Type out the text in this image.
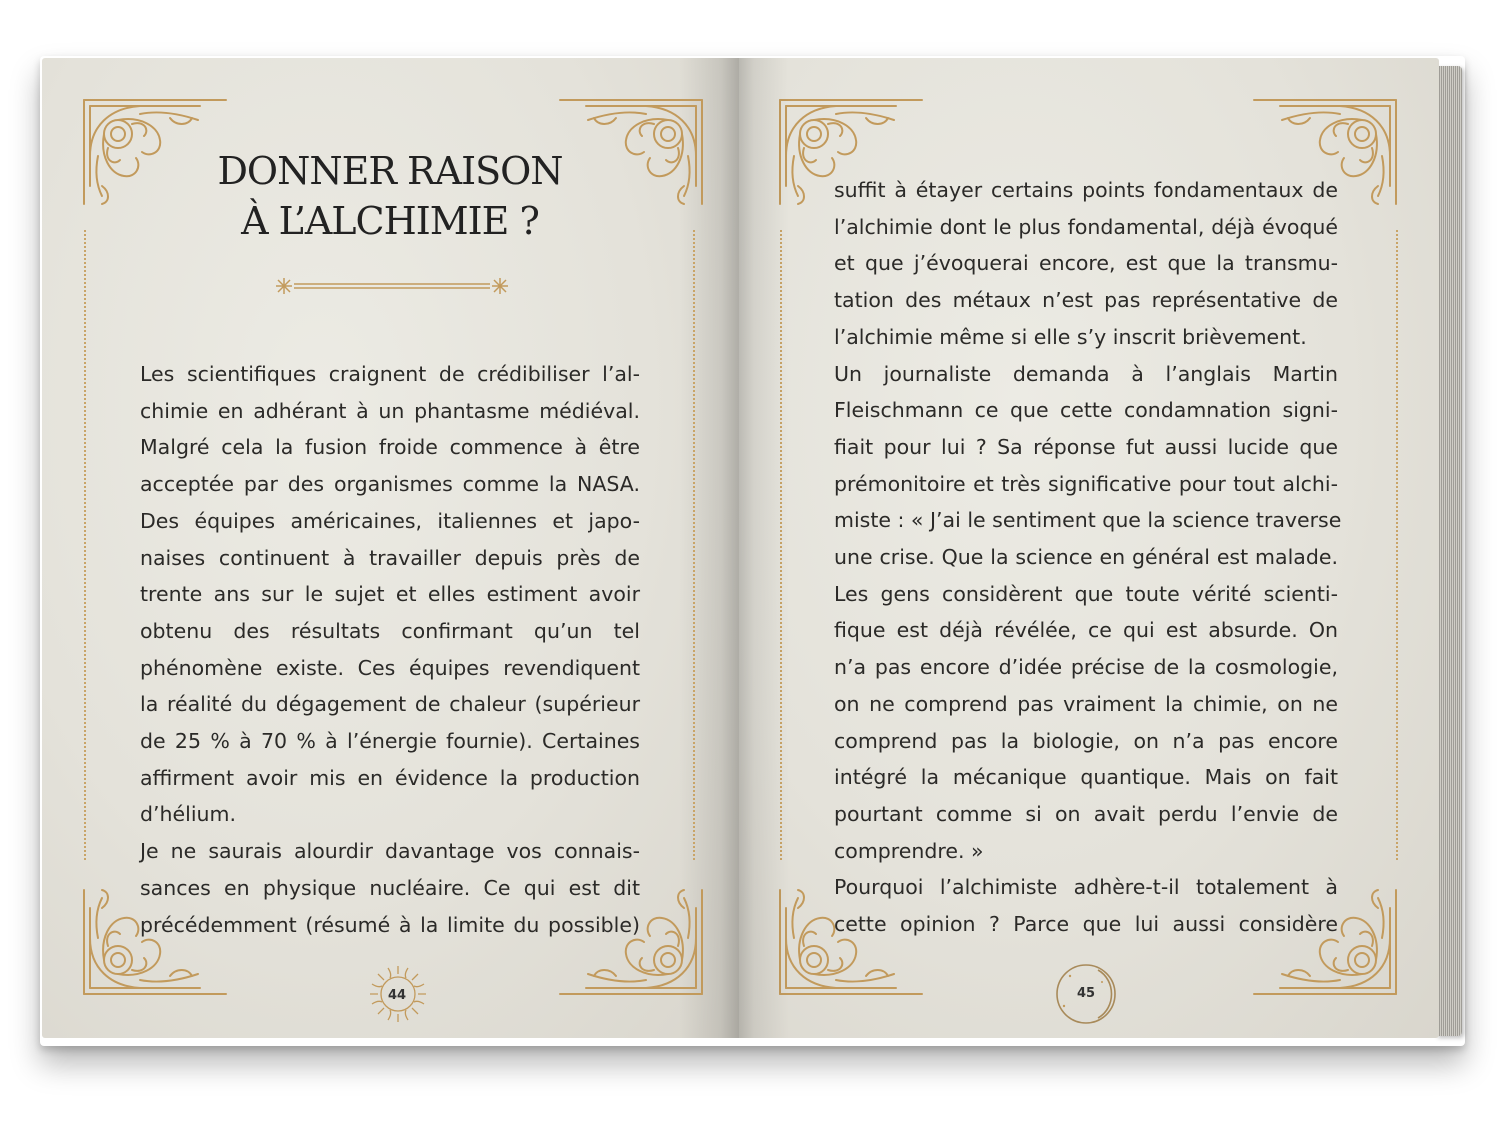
DONNER RAISON
À L’ALCHIMIE ?
Les scientifiques craignent de crédibiliser l’al-
chimie en adhérant à un phantasme médiéval.
Malgré cela la fusion froide commence à être
acceptée par des organismes comme la NASA.
Des équipes américaines, italiennes et japo-
naises continuent à travailler depuis près de
trente ans sur le sujet et elles estiment avoir
obtenu des résultats confirmant qu’un tel
phénomène existe. Ces équipes revendiquent
la réalité du dégagement de chaleur (supérieur
de 25 % à 70 % à l’énergie fournie). Certaines
affirment avoir mis en évidence la production
d’hélium.
Je ne saurais alourdir davantage vos connais-
sances en physique nucléaire. Ce qui est dit
précédemment (résumé à la limite du possible)
suffit à étayer certains points fondamentaux de
l’alchimie dont le plus fondamental, déjà évoqué
et que j’évoquerai encore, est que la transmu-
tation des métaux n’est pas représentative de
l’alchimie même si elle s’y inscrit brièvement.
Un journaliste demanda à l’anglais Martin
Fleischmann ce que cette condamnation signi-
fiait pour lui ? Sa réponse fut aussi lucide que
prémonitoire et très significative pour tout alchi-
miste : « J’ai le sentiment que la science traverse
une crise. Que la science en général est malade.
Les gens considèrent que toute vérité scienti-
fique est déjà révélée, ce qui est absurde. On
n’a pas encore d’idée précise de la cosmologie,
on ne comprend pas vraiment la chimie, on ne
comprend pas la biologie, on n’a pas encore
intégré la mécanique quantique. Mais on fait
pourtant comme si on avait perdu l’envie de
comprendre. »
Pourquoi l’alchimiste adhère-t-il totalement à
cette opinion ? Parce que lui aussi considère
44	45
